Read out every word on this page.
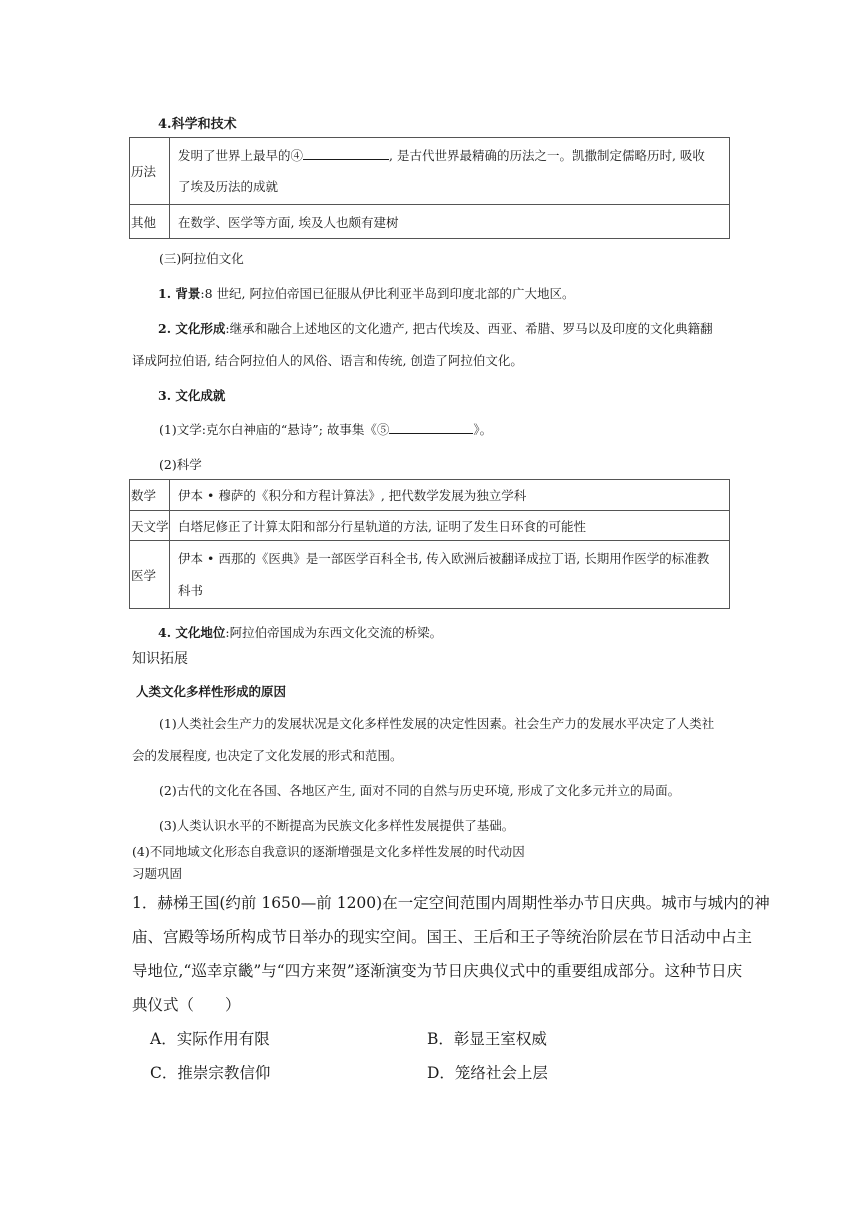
4.科学和技术
历法	发明了世界上最早的④ , 是古代世界最精确的历法之一。凯撒制定儒略历时, 吸收
了埃及历法的成就

其他	在数学、医学等方面, 埃及人也颇有建树
(三)阿拉伯文化
1. 背景:8 世纪, 阿拉伯帝国已征服从伊比利亚半岛到印度北部的广大地区。
2. 文化形成:继承和融合上述地区的文化遗产, 把古代埃及、西亚、希腊、罗马以及印度的文化典籍翻
译成阿拉伯语, 结合阿拉伯人的风俗、语言和传统, 创造了阿拉伯文化。
3. 文化成就
(1)文学:克尔白神庙的“悬诗”; 故事集《⑤	》。
(2)科学
数学	伊本 • 穆萨的《积分和方程计算法》, 把代数学发展为独立学科

天文学	白塔尼修正了计算太阳和部分行星轨道的方法, 证明了发生日环食的可能性

医学	伊本 • 西那的《医典》是一部医学百科全书, 传入欧洲后被翻译成拉丁语, 长期用作医学的标准教
科书
4. 文化地位:阿拉伯帝国成为东西文化交流的桥梁。
知识拓展
人类文化多样性形成的原因
(1)人类社会生产力的发展状况是文化多样性发展的决定性因素。社会生产力的发展水平决定了人类社
会的发展程度, 也决定了文化发展的形式和范围。
(2)古代的文化在各国、各地区产生, 面对不同的自然与历史环境, 形成了文化多元并立的局面。
(3)人类认识水平的不断提高为民族文化多样性发展提供了基础。
(4)不同地域文化形态自我意识的逐渐增强是文化多样性发展的时代动因
习题巩固
1．赫梯王国(约前 1650—前 1200)在一定空间范围内周期性举办节日庆典。城市与城内的神
庙、宫殿等场所构成节日举办的现实空间。国王、王后和王子等统治阶层在节日活动中占主
导地位,“巡幸京畿”与“四方来贺”逐渐演变为节日庆典仪式中的重要组成部分。这种节日庆
典仪式（　　）
A．实际作用有限	B．彰显王室权威
C．推崇宗教信仰	D．笼络社会上层
